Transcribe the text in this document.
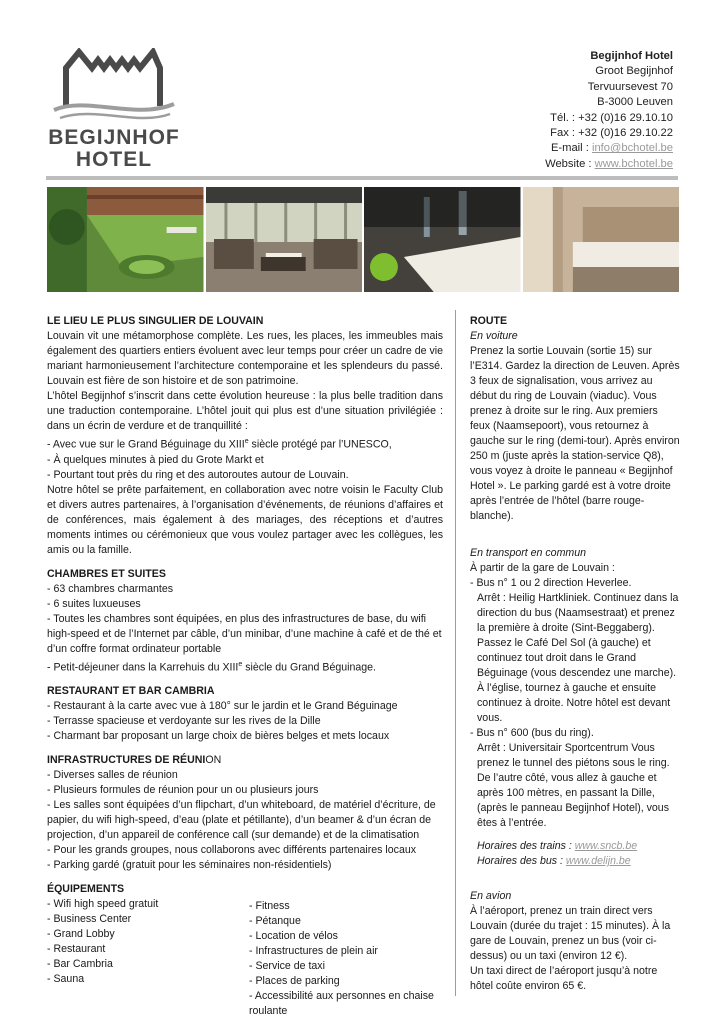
BEGIJNHOF
HOTEL
Begijnhof Hotel
Groot Begijnhof
Tervuursevest 70
B-3000 Leuven
Tél. : +32 (0)16 29.10.10
Fax : +32 (0)16 29.10.22
E-mail : info@bchotel.be
Website : www.bchotel.be
LE LIEU LE PLUS SINGULIER DE LOUVAIN
Louvain vit une métamorphose complète. Les rues, les places, les immeubles mais également des quartiers entiers évoluent avec leur temps pour créer un cadre de vie mariant harmonieusement l’architecture contemporaine et les splendeurs du passé. Louvain est fière de son histoire et de son patrimoine.
L’hôtel Begijnhof s’inscrit dans cette évolution heureuse : la plus belle tradition dans une traduction contemporaine. L’hôtel jouit qui plus est d’une situation privilégiée : dans un écrin de verdure et de tranquillité :
- Avec vue sur le Grand Béguinage du XIIIe siècle protégé par l’UNESCO,
- À quelques minutes à pied du Grote Markt et
- Pourtant tout près du ring et des autoroutes autour de Louvain.
Notre hôtel se prête parfaitement, en collaboration avec notre voisin le Faculty Club et divers autres partenaires, à l’organisation d’événements, de réunions d’affaires et de conférences, mais également à des mariages, des réceptions et d’autres moments intimes ou cérémonieux que vous voulez partager avec les collègues, les amis ou la famille.
CHAMBRES ET SUITES
- 63 chambres charmantes
- 6 suites luxueuses
- Toutes les chambres sont équipées, en plus des infrastructures de base, du wifi high-speed et de l’Internet par câble, d’un minibar, d’une machine à café et de thé et d’un coffre format ordinateur portable
- Petit-déjeuner dans la Karrehuis du XIIIe siècle du Grand Béguinage.
RESTAURANT ET BAR CAMBRIA
- Restaurant à la carte avec vue à 180° sur le jardin et le Grand Béguinage
- Terrasse spacieuse et verdoyante sur les rives de la Dille
- Charmant bar proposant un large choix de bières belges et mets locaux
INFRASTRUCTURES DE RÉUNION
- Diverses salles de réunion
- Plusieurs formules de réunion pour un ou plusieurs jours
- Les salles sont équipées d’un flipchart, d’un whiteboard, de matériel d’écriture, de papier, du wifi high-speed, d’eau (plate et pétillante), d’un beamer & d’un écran de projection, d’un appareil de conférence call (sur demande) et de la climatisation
- Pour les grands groupes, nous collaborons avec différents partenaires locaux
- Parking gardé (gratuit pour les séminaires non-résidentiels)
ÉQUIPEMENTS
- Wifi high speed gratuit
- Business Center
- Grand Lobby
- Restaurant
- Bar Cambria
- Sauna
- Fitness
- Pétanque
- Location de vélos
- Infrastructures de plein air
- Service de taxi
- Places de parking
- Accessibilité aux personnes en chaise roulante
ROUTE
En voiture
Prenez la sortie Louvain (sortie 15) sur l’E314. Gardez la direction de Leuven. Après 3 feux de signalisation, vous arrivez au début du ring de Louvain (viaduc). Vous prenez à droite sur le ring. Aux premiers feux (Naamsepoort), vous retournez à gauche sur le ring (demi-tour). Après environ 250 m (juste après la station-service Q8), vous voyez à droite le panneau « Begijnhof Hotel ». Le parking gardé est à votre droite après l’entrée de l’hôtel (barre rouge-blanche).
En transport en commun
À partir de la gare de Louvain :
- Bus n° 1 ou 2 direction Heverlee.
Arrêt : Heilig Hartkliniek. Continuez dans la direction du bus (Naamsestraat) et prenez la première à droite (Sint-Beggaberg). Passez le Café Del Sol (à gauche) et continuez tout droit dans le Grand Béguinage (vous descendez une marche). À l’église, tournez à gauche et ensuite continuez à droite. Notre hôtel est devant vous.
- Bus n° 600 (bus du ring).
Arrêt : Universitair Sportcentrum Vous prenez le tunnel des piétons sous le ring. De l’autre côté, vous allez à gauche et après 100 mètres, en passant la Dille, (après le panneau Begijnhof Hotel), vous êtes à l’entrée.
Horaires des trains : www.sncb.be
Horaires des bus : www.delijn.be
En avion
À l’aéroport, prenez un train direct vers Louvain (durée du trajet : 15 minutes). À la gare de Louvain, prenez un bus (voir ci-dessus) ou un taxi (environ 12 €).
Un taxi direct de l’aéroport jusqu’à notre hôtel coûte environ 65 €.
